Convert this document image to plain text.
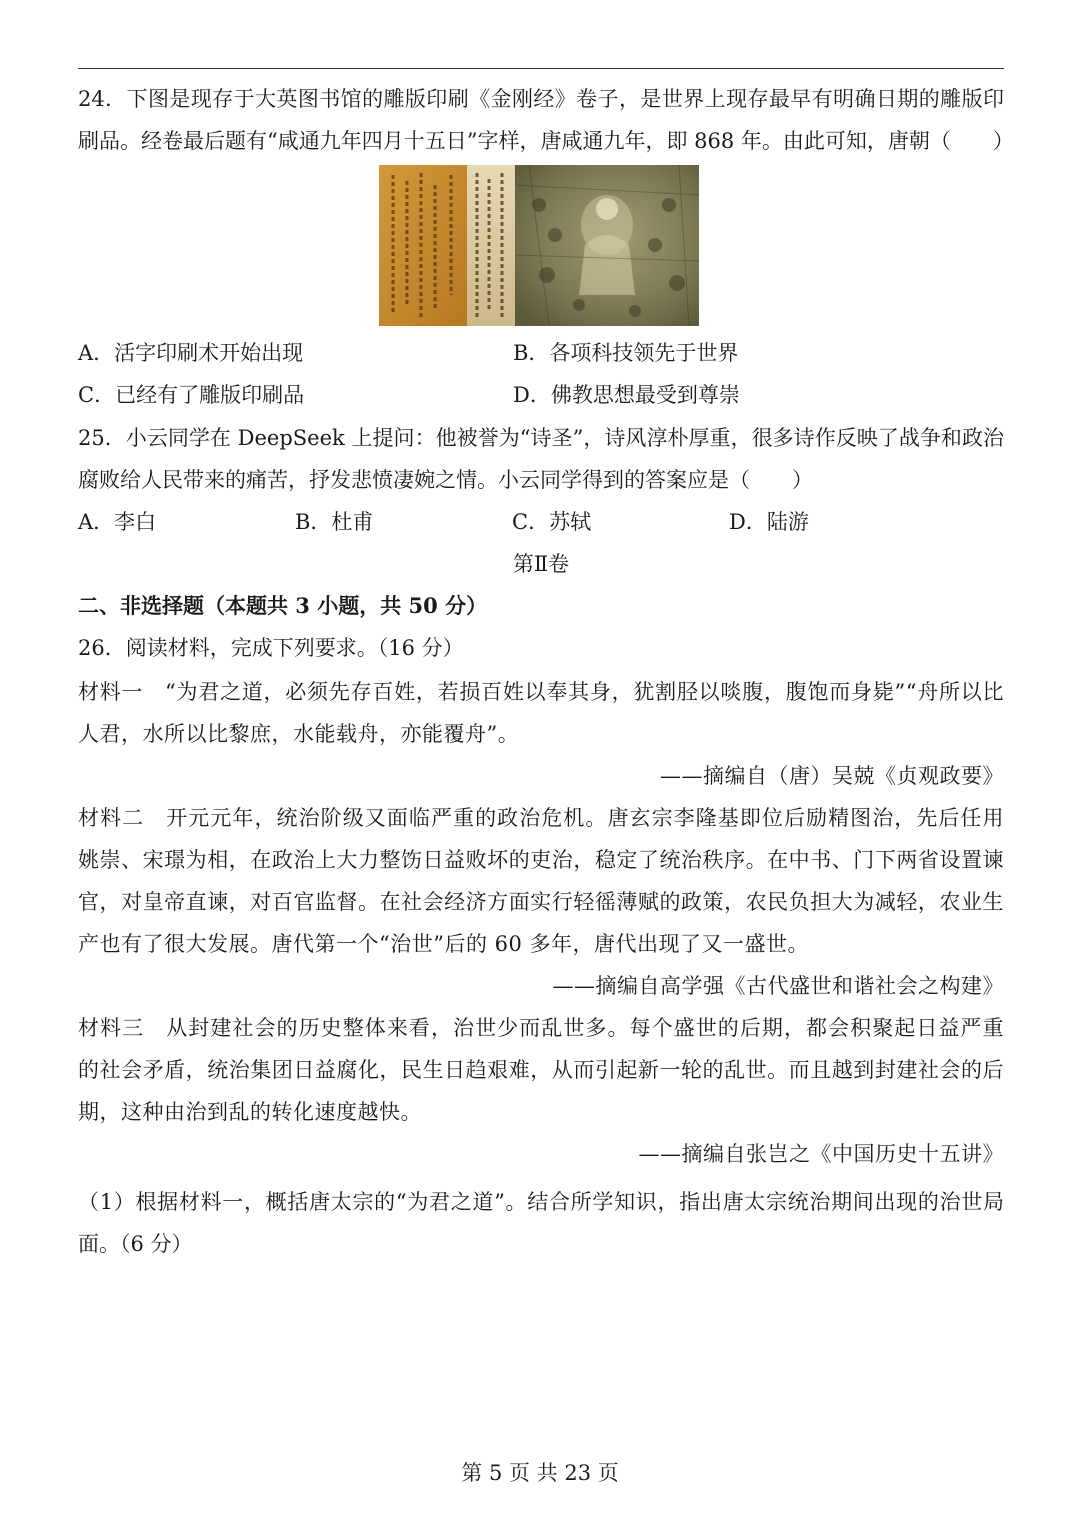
24．下图是现存于大英图书馆的雕版印刷《金刚经》卷子，是世界上现存最早有明确日期的雕版印
刷品。经卷最后题有“咸通九年四月十五日”字样，唐咸通九年，即 868 年。由此可知，唐朝（　　）
A．活字印刷术开始出现	B．各项科技领先于世界
C．已经有了雕版印刷品	D．佛教思想最受到尊崇
25．小云同学在 DeepSeek 上提问：他被誉为“诗圣”，诗风淳朴厚重，很多诗作反映了战争和政治
腐败给人民带来的痛苦，抒发悲愤凄婉之情。小云同学得到的答案应是（　　）
A．李白	B．杜甫	C．苏轼	D．陆游
第Ⅱ卷
二、非选择题（本题共 3 小题，共 50 分）
26．阅读材料，完成下列要求。（16 分）
材料一　“为君之道，必须先存百姓，若损百姓以奉其身，犹割胫以啖腹，腹饱而身毙”“舟所以比
人君，水所以比黎庶，水能载舟，亦能覆舟”。
——摘编自（唐）吴兢《贞观政要》
材料二　开元元年，统治阶级又面临严重的政治危机。唐玄宗李隆基即位后励精图治，先后任用
姚崇、宋璟为相，在政治上大力整饬日益败坏的吏治，稳定了统治秩序。在中书、门下两省设置谏
官，对皇帝直谏，对百官监督。在社会经济方面实行轻徭薄赋的政策，农民负担大为减轻，农业生
产也有了很大发展。唐代第一个“治世”后的 60 多年，唐代出现了又一盛世。
——摘编自高学强《古代盛世和谐社会之构建》
材料三　从封建社会的历史整体来看，治世少而乱世多。每个盛世的后期，都会积聚起日益严重
的社会矛盾，统治集团日益腐化，民生日趋艰难，从而引起新一轮的乱世。而且越到封建社会的后
期，这种由治到乱的转化速度越快。
——摘编自张岂之《中国历史十五讲》
（1）根据材料一，概括唐太宗的“为君之道”。结合所学知识，指出唐太宗统治期间出现的治世局
面。（6 分）
第 5 页 共 23 页
